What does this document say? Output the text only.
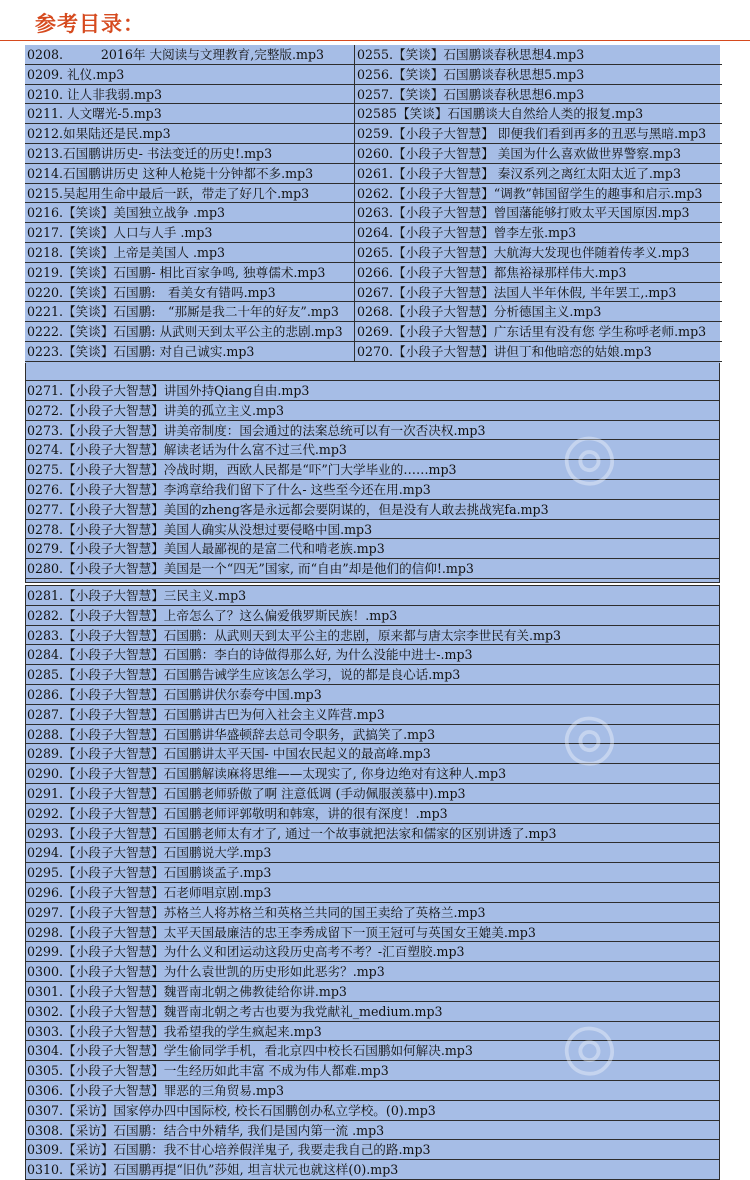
参考目录：
0208.　　　2016年 大阅读与文理教育,完整版.mp3
0209. 礼仪.mp3
0210. 让人非我弱.mp3
0211. 人文曙光-5.mp3
0212.如果陆还是民.mp3
0213.石国鹏讲历史- 书法变迁的历史!.mp3
0214.石国鹏讲历史 这种人枪毙十分钟都不多.mp3
0215.吴起用生命中最后一跃，带走了好几个.mp3
0216.【笑谈】美国独立战争 .mp3
0217.【笑谈】人口与人手 .mp3
0218.【笑谈】上帝是美国人 .mp3
0219.【笑谈】石国鹏- 相比百家争鸣, 独尊儒术.mp3
0220.【笑谈】石国鹏:　看美女有错吗.mp3
0221.【笑谈】石国鹏:　“那厮是我二十年的好友”.mp3
0222.【笑谈】石国鹏: 从武则天到太平公主的悲剧.mp3
0223.【笑谈】石国鹏: 对自己诚实.mp3
0255.【笑谈】石国鹏谈春秋思想4.mp3
0256.【笑谈】石国鹏谈春秋思想5.mp3
0257.【笑谈】石国鹏谈春秋思想6.mp3
02585【笑谈】石国鹏谈大自然给人类的报复.mp3
0259.【小段子大智慧】 即便我们看到再多的丑恶与黑暗.mp3
0260.【小段子大智慧】 美国为什么喜欢做世界警察.mp3
0261.【小段子大智慧】 秦汉系列之离红太阳太近了.mp3
0262.【小段子大智慧】“调教”韩国留学生的趣事和启示.mp3
0263.【小段子大智慧】曾国藩能够打败太平天国原因.mp3
0264.【小段子大智慧】曾李左张.mp3
0265.【小段子大智慧】大航海大发现也伴随着传孝义.mp3
0266.【小段子大智慧】都焦裕禄那样伟大.mp3
0267.【小段子大智慧】法国人半年休假, 半年罢工,.mp3
0268.【小段子大智慧】分析德国主义.mp3
0269.【小段子大智慧】广东话里有没有您 学生称呼老师.mp3
0270.【小段子大智慧】讲但丁和他暗恋的姑娘.mp3
0271.【小段子大智慧】讲国外持Qiang自由.mp3
0272.【小段子大智慧】讲美的孤立主义.mp3
0273.【小段子大智慧】讲美帝制度：国会通过的法案总统可以有一次否决权.mp3
0274.【小段子大智慧】解读老话为什么富不过三代.mp3
0275.【小段子大智慧】冷战时期，西欧人民都是“吓”门大学毕业的……mp3
0276.【小段子大智慧】李鸿章给我们留下了什么- 这些至今还在用.mp3
0277.【小段子大智慧】美国的zheng客是永远都会要阴谋的，但是没有人敢去挑战宪fa.mp3
0278.【小段子大智慧】美国人确实从没想过要侵略中国.mp3
0279.【小段子大智慧】美国人最鄙视的是富二代和啃老族.mp3
0280.【小段子大智慧】美国是一个“四无”国家, 而“自由”却是他们的信仰!.mp3
0281.【小段子大智慧】三民主义.mp3
0282.【小段子大智慧】上帝怎么了？这么偏爱俄罗斯民族！.mp3
0283.【小段子大智慧】石国鹏：从武则天到太平公主的悲剧，原来都与唐太宗李世民有关.mp3
0284.【小段子大智慧】石国鹏：李白的诗做得那么好, 为什么没能中进士-.mp3
0285.【小段子大智慧】石国鹏告诫学生应该怎么学习，说的都是良心话.mp3
0286.【小段子大智慧】石国鹏讲伏尔泰夸中国.mp3
0287.【小段子大智慧】石国鹏讲古巴为何入社会主义阵营.mp3
0288.【小段子大智慧】石国鹏讲华盛顿辞去总司令职务，武搞笑了.mp3
0289.【小段子大智慧】石国鹏讲太平天国- 中国农民起义的最高峰.mp3
0290.【小段子大智慧】石国鹏解读麻将思维——太现实了, 你身边绝对有这种人.mp3
0291.【小段子大智慧】石国鹏老师骄傲了啊 注意低调 (手动佩服羡慕中).mp3
0292.【小段子大智慧】石国鹏老师评郭敬明和韩寒，讲的很有深度！.mp3
0293.【小段子大智慧】石国鹏老师太有才了, 通过一个故事就把法家和儒家的区别讲透了.mp3
0294.【小段子大智慧】石国鹏说大学.mp3
0295.【小段子大智慧】石国鹏谈孟子.mp3
0296.【小段子大智慧】石老师唱京剧.mp3
0297.【小段子大智慧】苏格兰人将苏格兰和英格兰共同的国王卖给了英格兰.mp3
0298.【小段子大智慧】太平天国最廉洁的忠王李秀成留下一顶王冠可与英国女王媲美.mp3
0299.【小段子大智慧】为什么义和团运动这段历史高考不考？-汇百塑胶.mp3
0300.【小段子大智慧】为什么袁世凯的历史形如此恶劣？.mp3
0301.【小段子大智慧】魏晋南北朝之佛教徒给你讲.mp3
0302.【小段子大智慧】魏晋南北朝之考古也要为我党献礼_medium.mp3
0303.【小段子大智慧】我希望我的学生疯起来.mp3
0304.【小段子大智慧】学生偷同学手机，看北京四中校长石国鹏如何解决.mp3
0305.【小段子大智慧】一生经历如此丰富 不成为伟人都难.mp3
0306.【小段子大智慧】罪恶的三角贸易.mp3
0307.【采访】国家停办四中国际校, 校长石国鹏创办私立学校。(0).mp3
0308.【采访】石国鹏：结合中外精华, 我们是国内第一流 .mp3
0309.【采访】石国鹏：我不甘心培养假洋鬼子, 我要走我自己的路.mp3
0310.【采访】石国鹏再提“旧仇”莎姐, 坦言状元也就这样(0).mp3
◎
◎
◎
